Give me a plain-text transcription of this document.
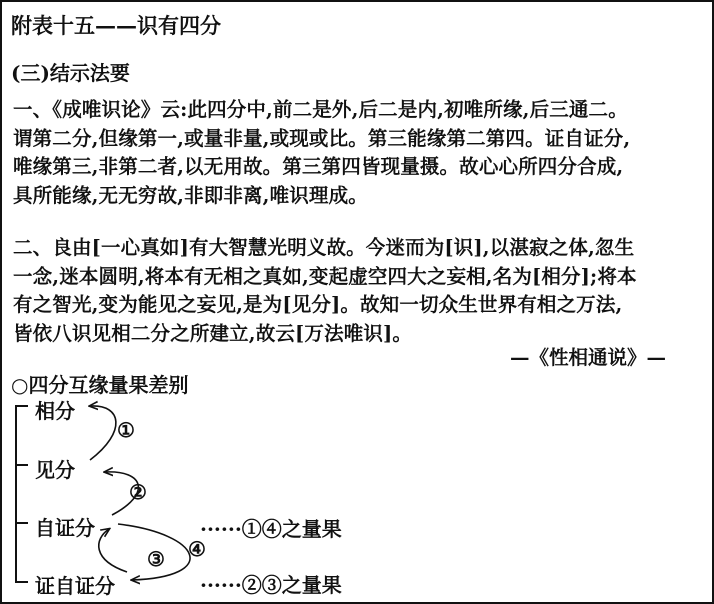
附表十五——识有四分
(三)结示法要
一、《成唯识论》云:此四分中,前二是外,后二是内,初唯所缘,后三通二。
谓第二分,但缘第一,或量非量,或现或比。第三能缘第二第四。证自证分,
唯缘第三,非第二者,以无用故。第三第四皆现量摄。故心心所四分合成,
具所能缘,无无穷故,非即非离,唯识理成。
二、良由[一心真如]有大智慧光明义故。今迷而为[识],以湛寂之体,忽生
一念,迷本圆明,将本有无相之真如,变起虚空四大之妄相,名为[相分];将本
有之智光,变为能见之妄见,是为[见分]。故知一切众生世界有相之万法,
皆依八识见相二分之所建立,故云[万法唯识]。
—《性相通说》—
○四分互缘量果差别
相分
见分
自证分
证自证分
①
②
③ ④
······①④之量果
······②③之量果
